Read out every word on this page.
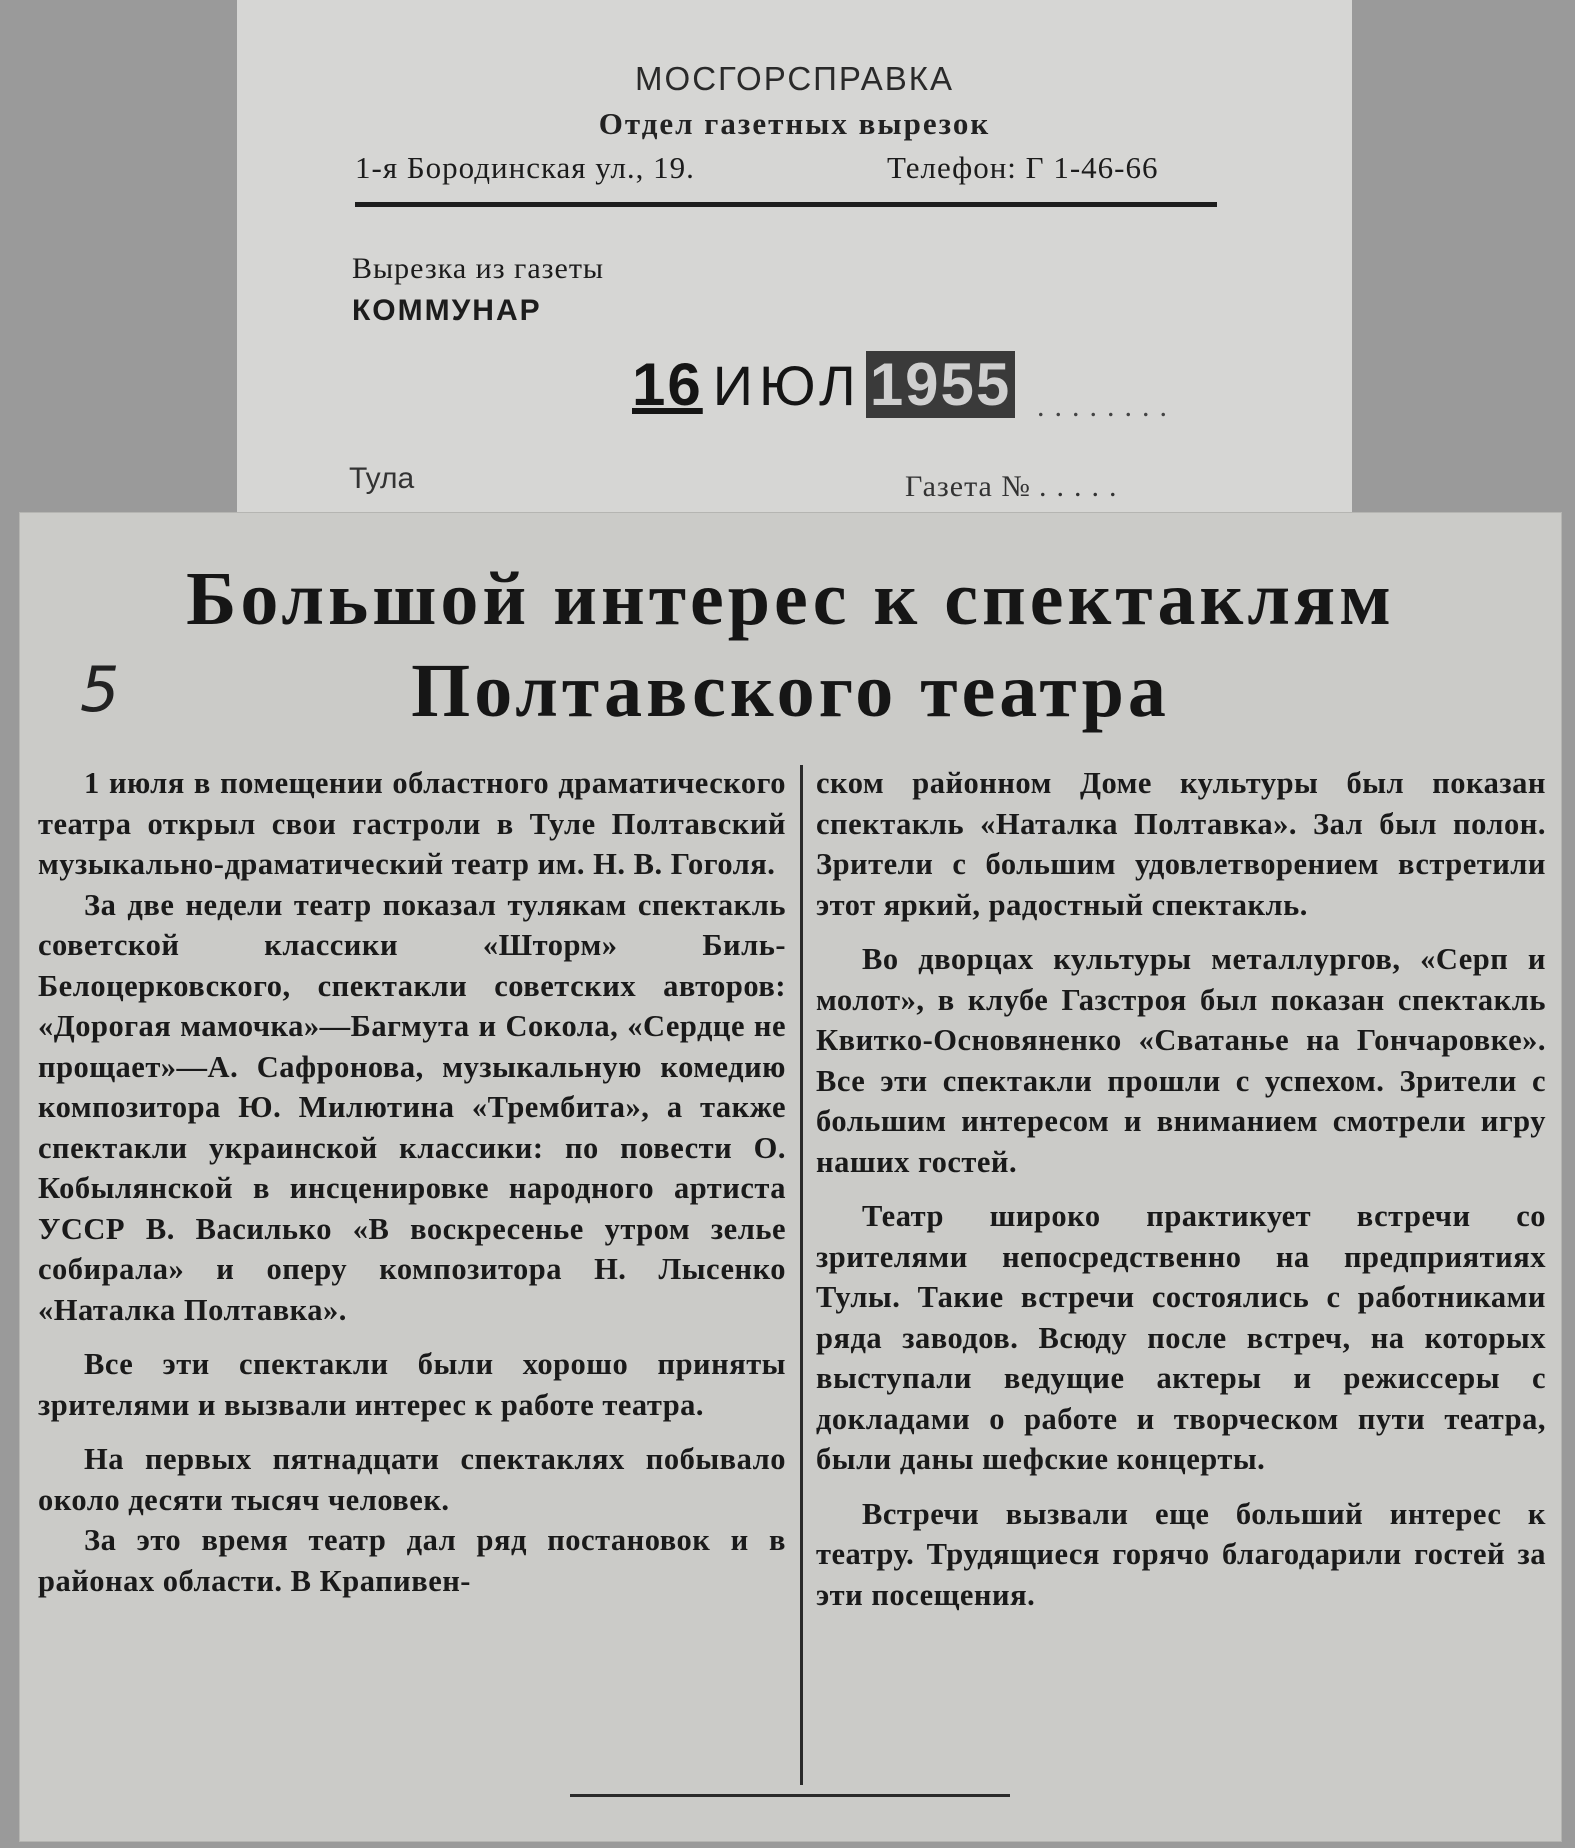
МОСГОРСПРАВКА
Отдел газетных вырезок
1-я Бородинская ул., 19.	Телефон: Г 1-46-66
Вырезка из газеты
КОММУНАР
16 ИЮЛ 1955 ........
Тула	Газета № .....
Большой интерес к спектаклям
Полтавского театра
5

1 июля в помещении областного драматического театра открыл свои гастроли в Туле Полтавский музыкально-драматический театр им. Н. В. Гоголя.

За две недели театр показал тулякам спектакль советской классики «Шторм» Биль-Белоцерковского, спектакли советских авторов: «Дорогая мамочка»—Багмута и Сокола, «Сердце не прощает»—А. Сафронова, музыкальную комедию композитора Ю. Милютина «Трембита», а также спектакли украинской классики: по повести О. Кобылянской в инсценировке народного артиста УССР В. Василько «В воскресенье утром зелье собирала» и оперу композитора Н. Лысенко «Наталка Полтавка».

Все эти спектакли были хорошо приняты зрителями и вызвали интерес к работе театра.

На первых пятнадцати спектаклях побывало около десяти тысяч человек.

За это время театр дал ряд постановок и в районах области. В Крапивен-

ском районном Доме культуры был показан спектакль «Наталка Полтавка». Зал был полон. Зрители с большим удовлетворением встретили этот яркий, радостный спектакль.

Во дворцах культуры металлургов, «Серп и молот», в клубе Газстроя был показан спектакль Квитко-Основяненко «Сватанье на Гончаровке». Все эти спектакли прошли с успехом. Зрители с большим интересом и вниманием смотрели игру наших гостей.

Театр широко практикует встречи со зрителями непосредственно на предприятиях Тулы. Такие встречи состоялись с работниками ряда заводов. Всюду после встреч, на которых выступали ведущие актеры и режиссеры с докладами о работе и творческом пути театра, были даны шефские концерты.

Встречи вызвали еще больший интерес к театру. Трудящиеся горячо благодарили гостей за эти посещения.
